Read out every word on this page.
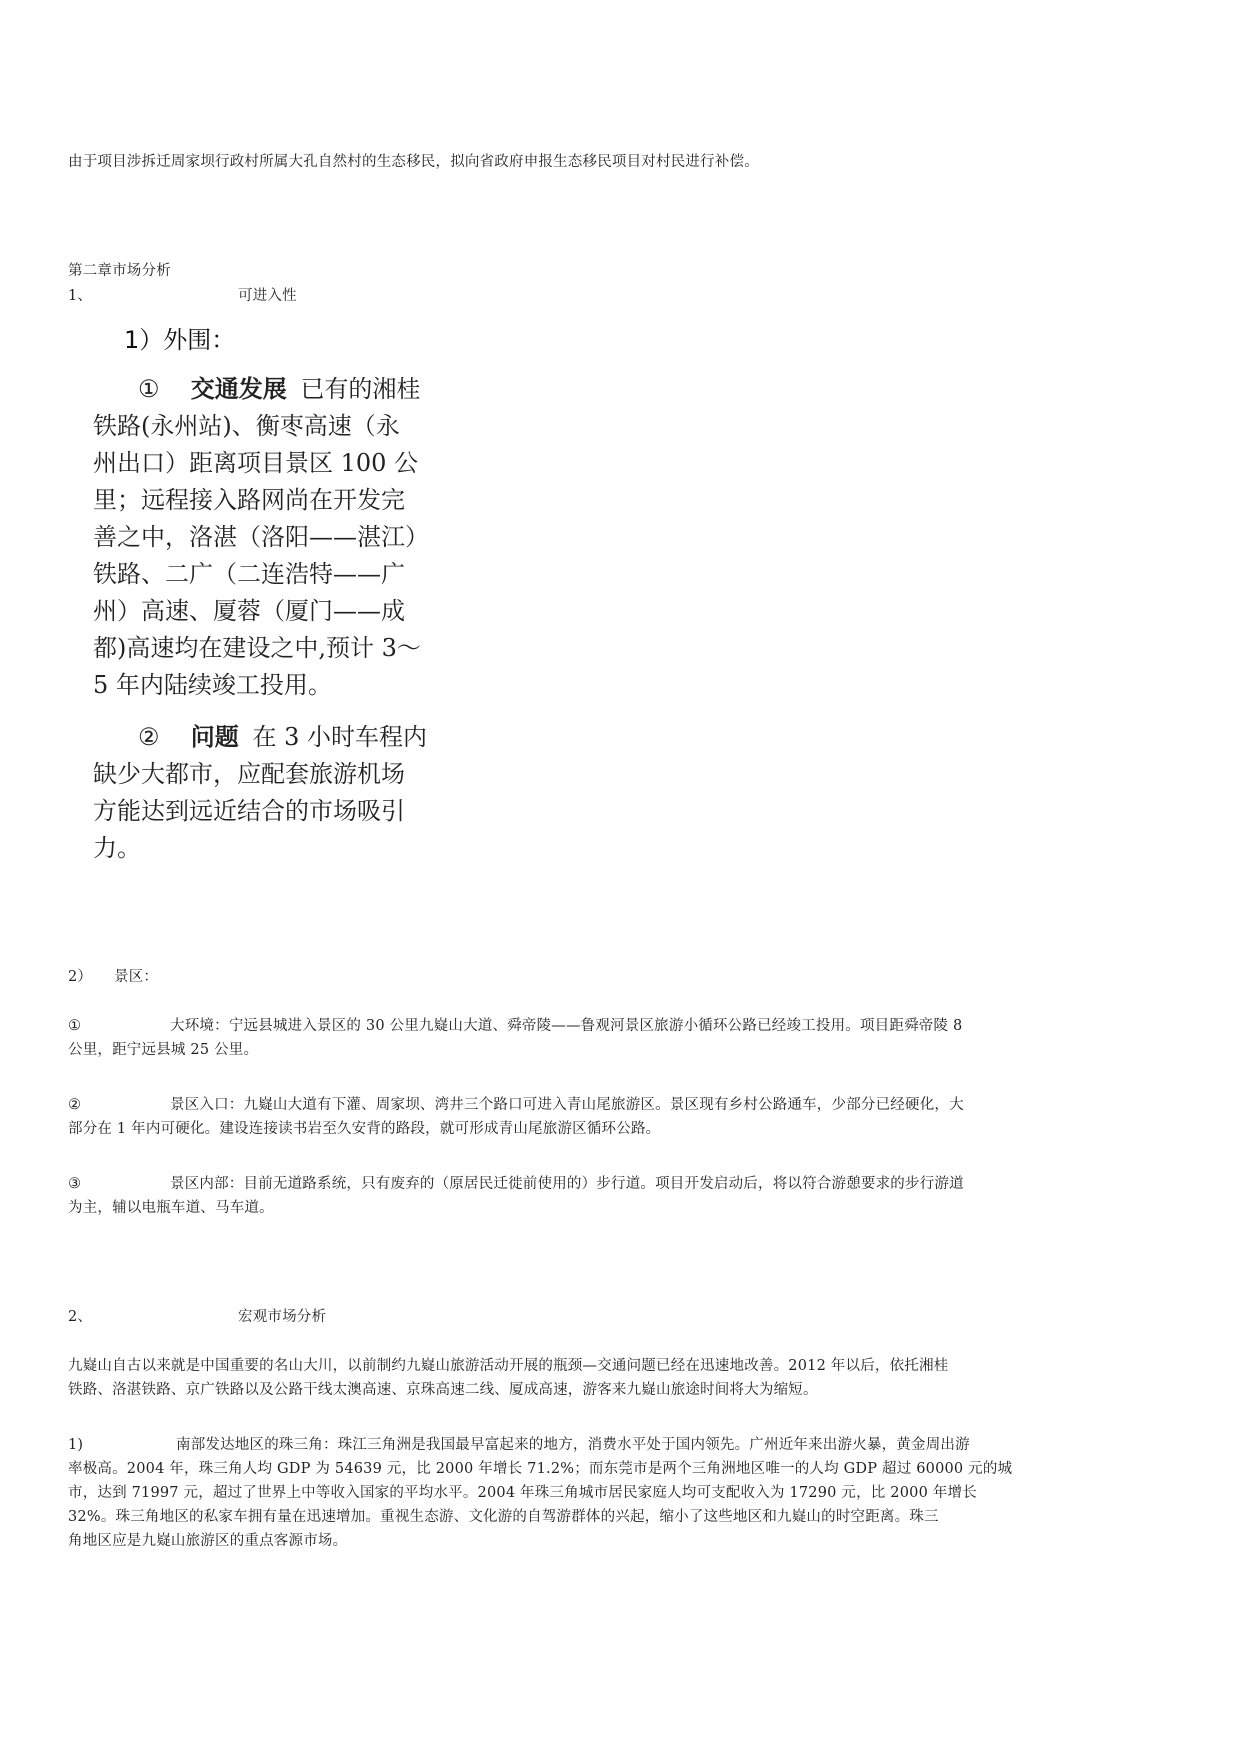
由于项目涉拆迁周家坝行政村所属大孔自然村的生态移民，拟向省政府申报生态移民项目对村民进行补偿。
第二章市场分析
1、	可进入性
1）外围：
① 交通发展 已有的湘桂
铁路(永州站)、衡枣高速（永
州出口）距离项目景区 100 公
里；远程接入路网尚在开发完
善之中，洛湛（洛阳——湛江）
铁路、二广（二连浩特——广
州）高速、厦蓉（厦门——成
都)高速均在建设之中,预计 3～
5 年内陆续竣工投用。
② 问题 在 3 小时车程内
缺少大都市，应配套旅游机场
方能达到远近结合的市场吸引
力。
2） 景区：
①	大环境：宁远县城进入景区的 30 公里九嶷山大道、舜帝陵——鲁观河景区旅游小循环公路已经竣工投用。项目距舜帝陵 8
公里，距宁远县城 25 公里。
②	景区入口：九嶷山大道有下灌、周家坝、湾井三个路口可进入青山尾旅游区。景区现有乡村公路通车，少部分已经硬化，大
部分在 1 年内可硬化。建设连接读书岩至久安背的路段，就可形成青山尾旅游区循环公路。
③	景区内部：目前无道路系统，只有废弃的（原居民迁徙前使用的）步行道。项目开发启动后，将以符合游憩要求的步行游道
为主，辅以电瓶车道、马车道。
2、	宏观市场分析
九嶷山自古以来就是中国重要的名山大川，以前制约九嶷山旅游活动开展的瓶颈—交通问题已经在迅速地改善。2012 年以后，依托湘桂
铁路、洛湛铁路、京广铁路以及公路干线太澳高速、京珠高速二线、厦成高速，游客来九嶷山旅途时间将大为缩短。
1)	南部发达地区的珠三角：珠江三角洲是我国最早富起来的地方，消费水平处于国内领先。广州近年来出游火暴，黄金周出游
率极高。2004 年，珠三角人均 GDP 为 54639 元，比 2000 年增长 71.2%；而东莞市是两个三角洲地区唯一的人均 GDP 超过 60000 元的城
市，达到 71997 元，超过了世界上中等收入国家的平均水平。2004 年珠三角城市居民家庭人均可支配收入为 17290 元，比 2000 年增长
32%。珠三角地区的私家车拥有量在迅速增加。重视生态游、文化游的自驾游群体的兴起，缩小了这些地区和九嶷山的时空距离。珠三
角地区应是九嶷山旅游区的重点客源市场。
